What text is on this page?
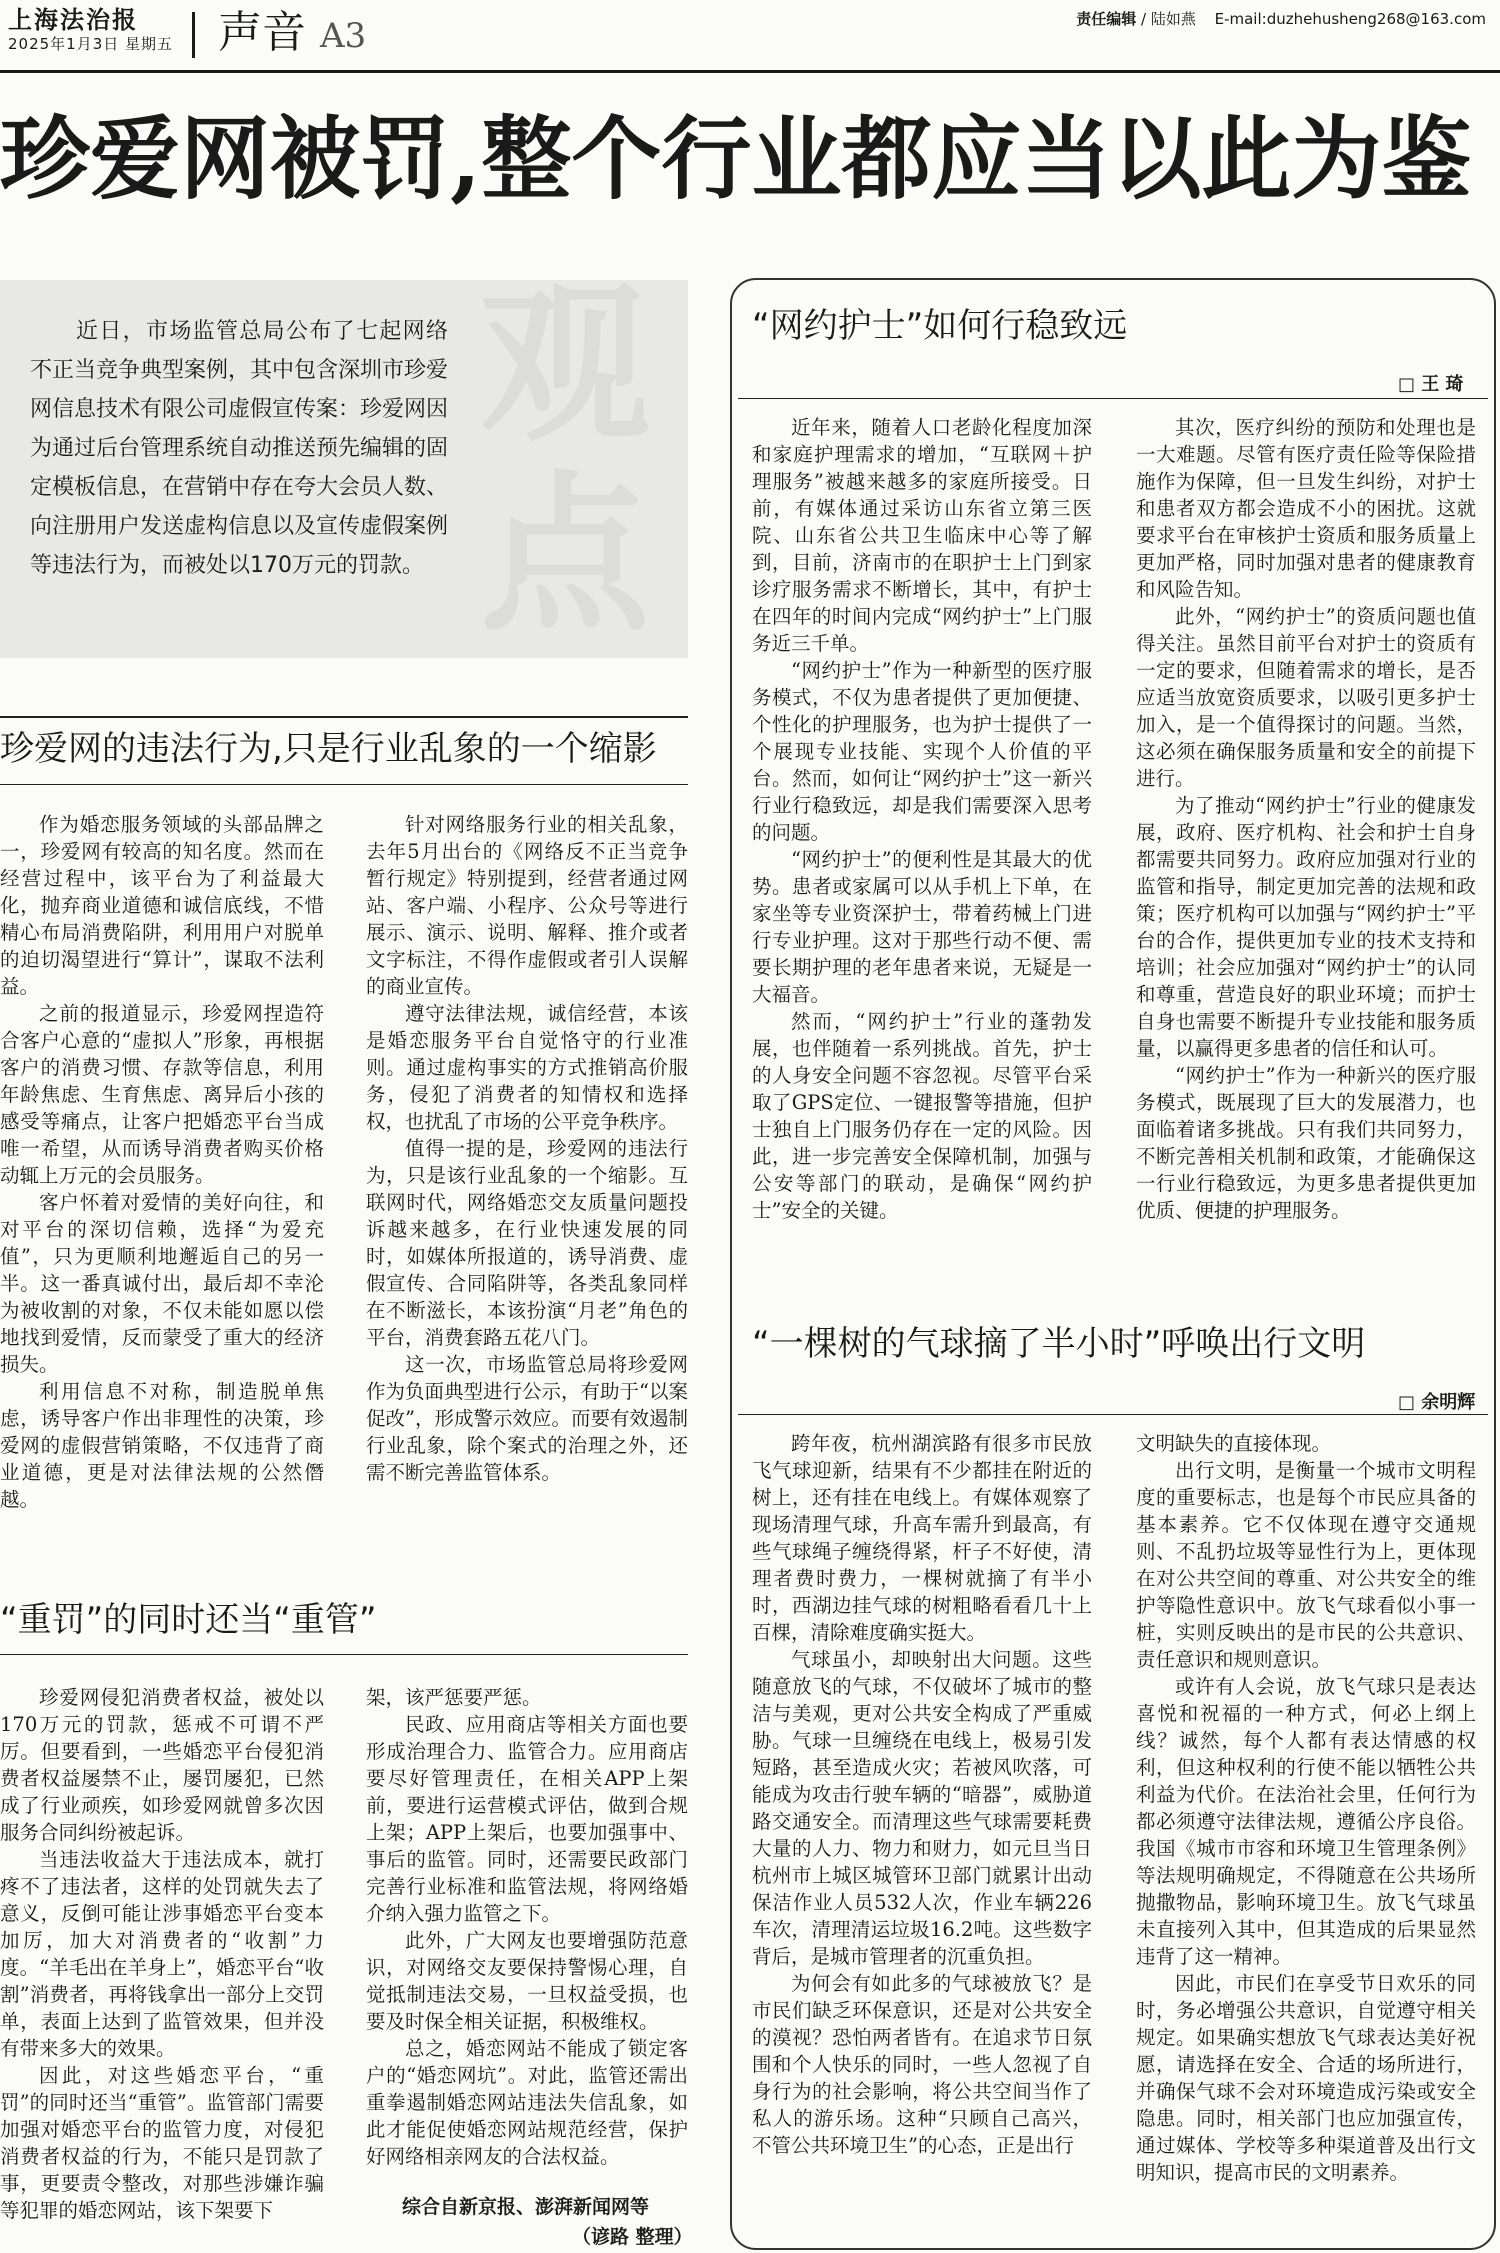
上海法治报
2025年1月3日 星期五	声音 A3	责任编辑 / 陆如燕 E-mail:duzhehusheng268@163.com
珍爱网被罚,整个行业都应当以此为鉴
观点
近日，市场监管总局公布了七起网络不正当竞争典型案例，其中包含深圳市珍爱网信息技术有限公司虚假宣传案：珍爱网因为通过后台管理系统自动推送预先编辑的固定模板信息，在营销中存在夸大会员人数、向注册用户发送虚构信息以及宣传虚假案例等违法行为，而被处以170万元的罚款。
珍爱网的违法行为,只是行业乱象的一个缩影

作为婚恋服务领域的头部品牌之一，珍爱网有较高的知名度。然而在经营过程中，该平台为了利益最大化，抛弃商业道德和诚信底线，不惜精心布局消费陷阱，利用用户对脱单的迫切渴望进行“算计”，谋取不法利益。

之前的报道显示，珍爱网捏造符合客户心意的“虚拟人”形象，再根据客户的消费习惯、存款等信息，利用年龄焦虑、生育焦虑、离异后小孩的感受等痛点，让客户把婚恋平台当成唯一希望，从而诱导消费者购买价格动辄上万元的会员服务。

客户怀着对爱情的美好向往，和对平台的深切信赖，选择“为爱充值”，只为更顺利地邂逅自己的另一半。这一番真诚付出，最后却不幸沦为被收割的对象，不仅未能如愿以偿地找到爱情，反而蒙受了重大的经济损失。

利用信息不对称，制造脱单焦虑，诱导客户作出非理性的决策，珍爱网的虚假营销策略，不仅违背了商业道德，更是对法律法规的公然僭越。

针对网络服务行业的相关乱象，去年5月出台的《网络反不正当竞争暂行规定》特别提到，经营者通过网站、客户端、小程序、公众号等进行展示、演示、说明、解释、推介或者文字标注，不得作虚假或者引人误解的商业宣传。

遵守法律法规，诚信经营，本该是婚恋服务平台自觉恪守的行业准则。通过虚构事实的方式推销高价服务，侵犯了消费者的知情权和选择权，也扰乱了市场的公平竞争秩序。

值得一提的是，珍爱网的违法行为，只是该行业乱象的一个缩影。互联网时代，网络婚恋交友质量问题投诉越来越多，在行业快速发展的同时，如媒体所报道的，诱导消费、虚假宣传、合同陷阱等，各类乱象同样在不断滋长，本该扮演“月老”角色的平台，消费套路五花八门。

这一次，市场监管总局将珍爱网作为负面典型进行公示，有助于“以案促改”，形成警示效应。而要有效遏制行业乱象，除个案式的治理之外，还需不断完善监管体系。

“重罚”的同时还当“重管”

珍爱网侵犯消费者权益，被处以170万元的罚款，惩戒不可谓不严厉。但要看到，一些婚恋平台侵犯消费者权益屡禁不止，屡罚屡犯，已然成了行业顽疾，如珍爱网就曾多次因服务合同纠纷被起诉。

当违法收益大于违法成本，就打疼不了违法者，这样的处罚就失去了意义，反倒可能让涉事婚恋平台变本加厉，加大对消费者的“收割”力度。“羊毛出在羊身上”，婚恋平台“收割”消费者，再将钱拿出一部分上交罚单，表面上达到了监管效果，但并没有带来多大的效果。

因此，对这些婚恋平台，“重罚”的同时还当“重管”。监管部门需要加强对婚恋平台的监管力度，对侵犯消费者权益的行为，不能只是罚款了事，更要责令整改，对那些涉嫌诈骗等犯罪的婚恋网站，该下架要下

架，该严惩要严惩。

民政、应用商店等相关方面也要形成治理合力、监管合力。应用商店要尽好管理责任，在相关APP上架前，要进行运营模式评估，做到合规上架；APP上架后，也要加强事中、事后的监管。同时，还需要民政部门完善行业标准和监管法规，将网络婚介纳入强力监管之下。

此外，广大网友也要增强防范意识，对网络交友要保持警惕心理，自觉抵制违法交易，一旦权益受损，也要及时保全相关证据，积极维权。

总之，婚恋网站不能成了锁定客户的“婚恋网坑”。对此，监管还需出重拳遏制婚恋网站违法失信乱象，如此才能促使婚恋网站规范经营，保护好网络相亲网友的合法权益。

综合自新京报、澎湃新闻网等
（谚路 整理）
“网约护士”如何行稳致远
□ 王 琦

近年来，随着人口老龄化程度加深和家庭护理需求的增加，“互联网＋护理服务”被越来越多的家庭所接受。日前，有媒体通过采访山东省立第三医院、山东省公共卫生临床中心等了解到，目前，济南市的在职护士上门到家诊疗服务需求不断增长，其中，有护士在四年的时间内完成“网约护士”上门服务近三千单。

“网约护士”作为一种新型的医疗服务模式，不仅为患者提供了更加便捷、个性化的护理服务，也为护士提供了一个展现专业技能、实现个人价值的平台。然而，如何让“网约护士”这一新兴行业行稳致远，却是我们需要深入思考的问题。

“网约护士”的便利性是其最大的优势。患者或家属可以从手机上下单，在家坐等专业资深护士，带着药械上门进行专业护理。这对于那些行动不便、需要长期护理的老年患者来说，无疑是一大福音。

然而，“网约护士”行业的蓬勃发展，也伴随着一系列挑战。首先，护士的人身安全问题不容忽视。尽管平台采取了GPS定位、一键报警等措施，但护士独自上门服务仍存在一定的风险。因此，进一步完善安全保障机制，加强与公安等部门的联动，是确保“网约护士”安全的关键。

其次，医疗纠纷的预防和处理也是一大难题。尽管有医疗责任险等保险措施作为保障，但一旦发生纠纷，对护士和患者双方都会造成不小的困扰。这就要求平台在审核护士资质和服务质量上更加严格，同时加强对患者的健康教育和风险告知。

此外，“网约护士”的资质问题也值得关注。虽然目前平台对护士的资质有一定的要求，但随着需求的增长，是否应适当放宽资质要求，以吸引更多护士加入，是一个值得探讨的问题。当然，这必须在确保服务质量和安全的前提下进行。

为了推动“网约护士”行业的健康发展，政府、医疗机构、社会和护士自身都需要共同努力。政府应加强对行业的监管和指导，制定更加完善的法规和政策；医疗机构可以加强与“网约护士”平台的合作，提供更加专业的技术支持和培训；社会应加强对“网约护士”的认同和尊重，营造良好的职业环境；而护士自身也需要不断提升专业技能和服务质量，以赢得更多患者的信任和认可。

“网约护士”作为一种新兴的医疗服务模式，既展现了巨大的发展潜力，也面临着诸多挑战。只有我们共同努力，不断完善相关机制和政策，才能确保这一行业行稳致远，为更多患者提供更加优质、便捷的护理服务。

“一棵树的气球摘了半小时”呼唤出行文明
□ 余明辉

跨年夜，杭州湖滨路有很多市民放飞气球迎新，结果有不少都挂在附近的树上，还有挂在电线上。有媒体观察了现场清理气球，升高车需升到最高，有些气球绳子缠绕得紧，杆子不好使，清理者费时费力，一棵树就摘了有半小时，西湖边挂气球的树粗略看看几十上百棵，清除难度确实挺大。

气球虽小，却映射出大问题。这些随意放飞的气球，不仅破坏了城市的整洁与美观，更对公共安全构成了严重威胁。气球一旦缠绕在电线上，极易引发短路，甚至造成火灾；若被风吹落，可能成为攻击行驶车辆的“暗器”，威胁道路交通安全。而清理这些气球需要耗费大量的人力、物力和财力，如元旦当日杭州市上城区城管环卫部门就累计出动保洁作业人员532人次，作业车辆226车次，清理清运垃圾16.2吨。这些数字背后，是城市管理者的沉重负担。

为何会有如此多的气球被放飞？是市民们缺乏环保意识，还是对公共安全的漠视？恐怕两者皆有。在追求节日氛围和个人快乐的同时，一些人忽视了自身行为的社会影响，将公共空间当作了私人的游乐场。这种“只顾自己高兴，不管公共环境卫生”的心态，正是出行

文明缺失的直接体现。

出行文明，是衡量一个城市文明程度的重要标志，也是每个市民应具备的基本素养。它不仅体现在遵守交通规则、不乱扔垃圾等显性行为上，更体现在对公共空间的尊重、对公共安全的维护等隐性意识中。放飞气球看似小事一桩，实则反映出的是市民的公共意识、责任意识和规则意识。

或许有人会说，放飞气球只是表达喜悦和祝福的一种方式，何必上纲上线？诚然，每个人都有表达情感的权利，但这种权利的行使不能以牺牲公共利益为代价。在法治社会里，任何行为都必须遵守法律法规，遵循公序良俗。我国《城市市容和环境卫生管理条例》等法规明确规定，不得随意在公共场所抛撒物品，影响环境卫生。放飞气球虽未直接列入其中，但其造成的后果显然违背了这一精神。

因此，市民们在享受节日欢乐的同时，务必增强公共意识，自觉遵守相关规定。如果确实想放飞气球表达美好祝愿，请选择在安全、合适的场所进行，并确保气球不会对环境造成污染或安全隐患。同时，相关部门也应加强宣传，通过媒体、学校等多种渠道普及出行文明知识，提高市民的文明素养。
